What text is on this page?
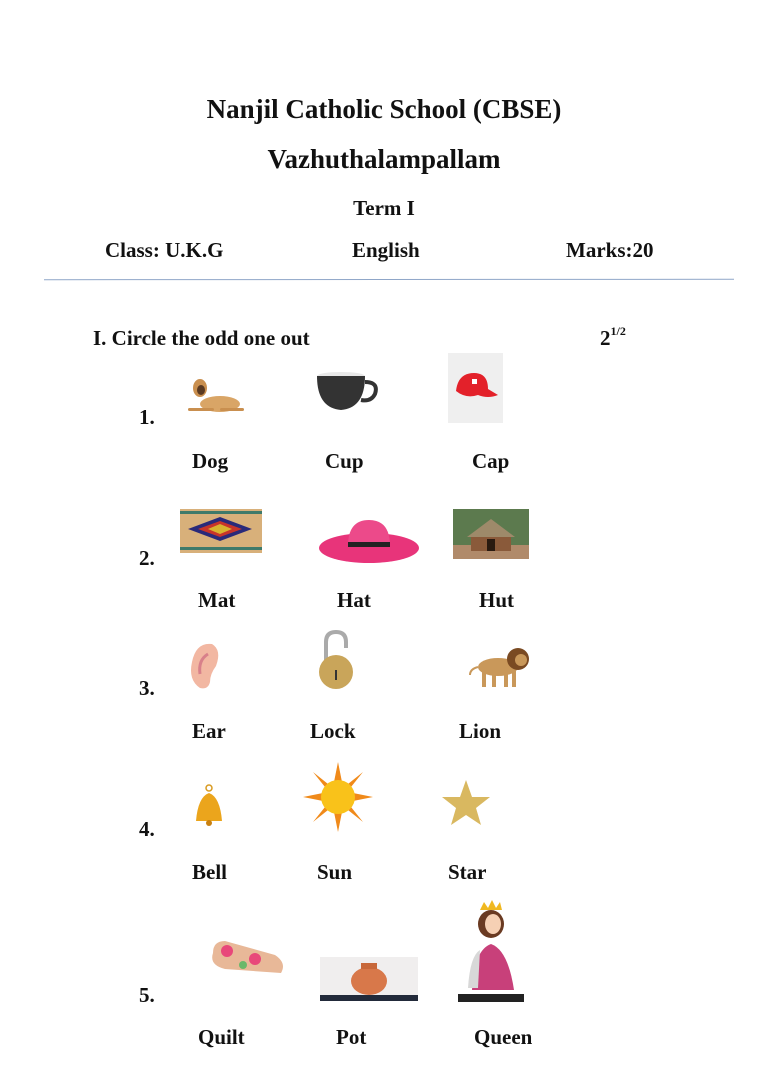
Nanjil Catholic School (CBSE)
Vazhuthalampallam
Term I
Class: U.K.G	English	Marks:20
I. Circle the odd one out	$2^{1/2}$
1.
Dog	Cup	Cap
2.
Mat	Hat	Hut
3.
Ear	Lock	Lion
4.
Bell	Sun	Star
5.
Quilt	Pot	Queen
